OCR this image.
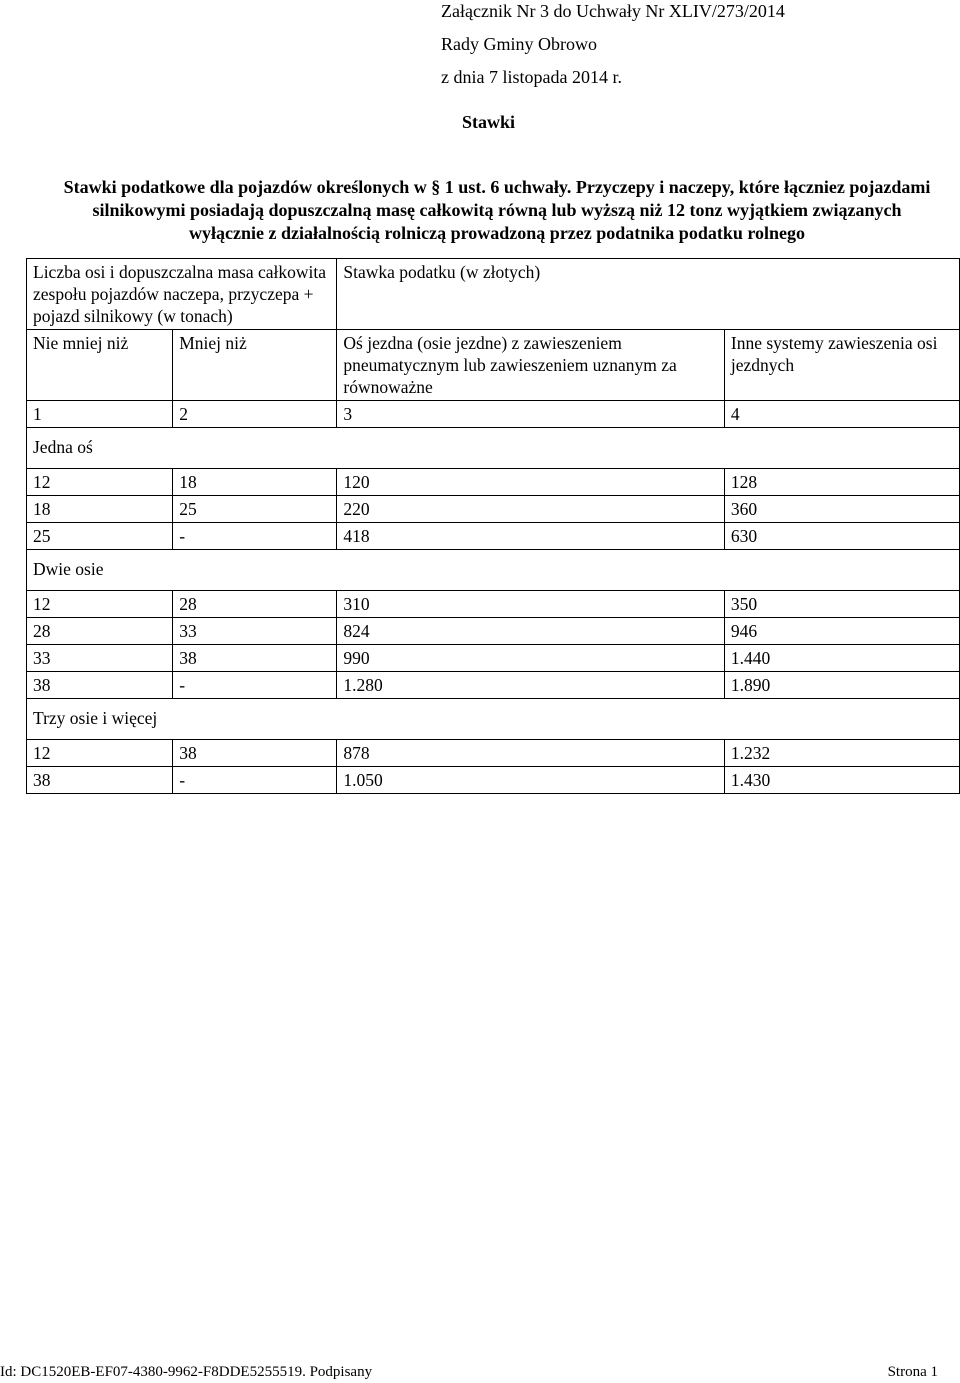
Załącznik Nr 3 do Uchwały Nr XLIV/273/2014
Rady Gminy Obrowo
z dnia 7 listopada 2014 r.
Stawki
Stawki podatkowe dla pojazdów określonych w § 1 ust. 6 uchwały. Przyczepy i naczepy, które łączniez pojazdami silnikowymi posiadają dopuszczalną masę całkowitą równą lub wyższą niż 12 tonz wyjątkiem związanych wyłącznie z działalnością rolniczą prowadzoną przez podatnika podatku rolnego
Liczba osi i dopuszczalna masa całkowita zespołu pojazdów naczepa, przyczepa + pojazd silnikowy (w tonach)		Stawka podatku (w złotych)	
Nie mniej niż	Mniej niż	Oś jezdna (osie jezdne) z zawieszeniem pneumatycznym lub zawieszeniem uznanym za równoważne	Inne systemy zawieszenia osi jezdnych
1	2	3	4
Jedna oś			
12	18	120	128
18	25	220	360
25	-	418	630
Dwie osie			
12	28	310	350
28	33	824	946
33	38	990	1.440
38	-	1.280	1.890
Trzy osie i więcej			
12	38	878	1.232
38	-	1.050	1.430
Id: DC1520EB-EF07-4380-9962-F8DDE5255519. Podpisany	Strona 1
